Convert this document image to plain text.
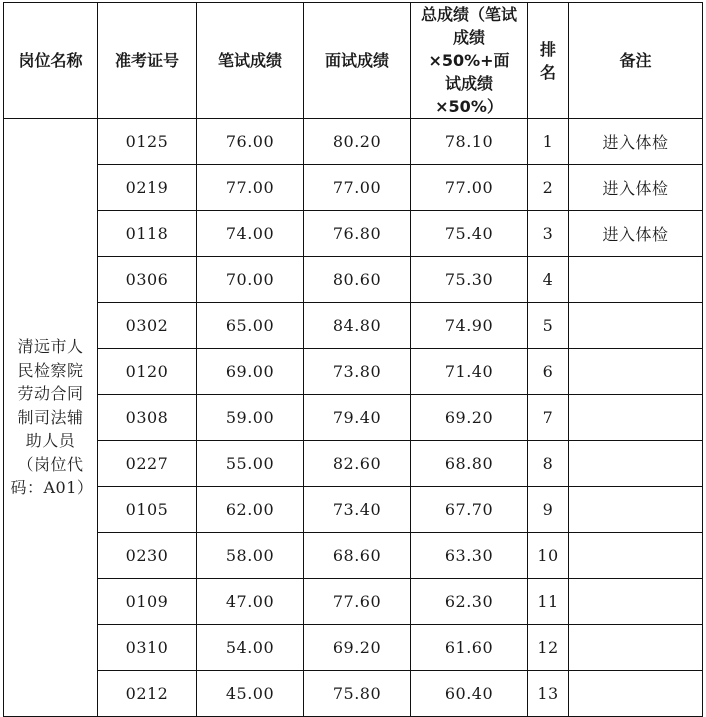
岗位名称	准考证号	笔试成绩	面试成绩	总成绩（笔试成绩×50%+面试成绩×50%）	排名	备注
清远市人民检察院劳动合同制司法辅助人员（岗位代码：A01）	0125	76.00	80.20	78.10	1	进入体检
	0219	77.00	77.00	77.00	2	进入体检
	0118	74.00	76.80	75.40	3	进入体检
	0306	70.00	80.60	75.30	4	
	0302	65.00	84.80	74.90	5	
	0120	69.00	73.80	71.40	6	
	0308	59.00	79.40	69.20	7	
	0227	55.00	82.60	68.80	8	
	0105	62.00	73.40	67.70	9	
	0230	58.00	68.60	63.30	10	
	0109	47.00	77.60	62.30	11	
	0310	54.00	69.20	61.60	12	
	0212	45.00	75.80	60.40	13	
